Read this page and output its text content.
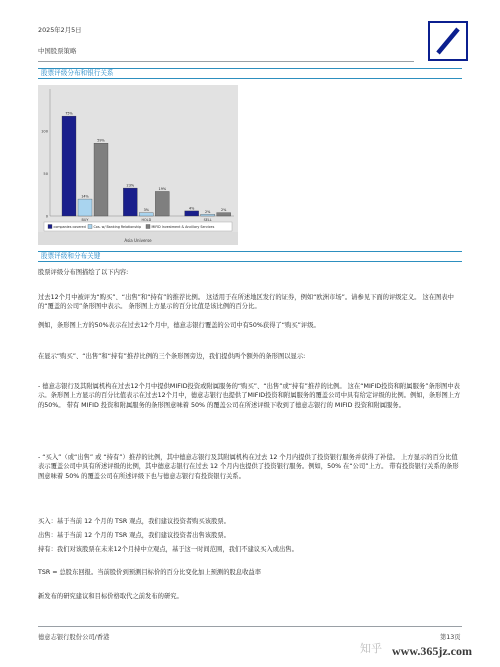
2025年2月5日
中国股票策略
股票评级分布和银行关系
0
50
100
75%
14%
59%
BUY
23%
3%
19%
HOLD
4%
2%	2%
SELL
companies covered Cos. w/ Banking Relationship	MIFID Investment & Ancillary Services
Asia Universe
股票评级和分布关键
股票评级分布图描绘了以下内容:
过去12个月中被评为“购买”、“出售”和“持有”的推荐比例。 这适用于在所述地区发行的证券，例如“欧洲市场”。请参见下面的评级定义。 这在图表中的“覆盖的公司”条形图中表示。 条形图上方显示的百分比值是该比例的百分比。
例如，条形图上方的50%表示在过去12个月中，德意志银行覆盖的公司中有50%获得了“购买”评级。
在显示“购买”、“出售”和“持有”推荐比例的三个条形图旁边，我们提供两个额外的条形图以显示:
- 德意志银行及其附属机构在过去12个月中提供MIFID投资或附属服务的“购买”、“出售”或“持有”推荐的比例。 这在“MIFID投资和附属服务”条形图中表示。条形图上方显示的百分比值表示在过去12个月中，德意志银行也提供了MIFID投资和附属服务的覆盖公司中具有给定评级的比例。例如，条形图上方的50%。 带有 MIFID 投资和附属服务的条形图意味着 50% 的覆盖公司在所述评级下收到了德意志银行的 MIFID 投资和附属服务。
- “买入”（或“出售” 或 “持有”）推荐的比例，其中德意志银行及其附属机构在过去 12 个月内提供了投资银行服务并获得了补偿。 上方显示的百分比值表示覆盖公司中具有所述评级的比例，其中德意志银行在过去 12 个月内也提供了投资银行服务。例如，50% 在“公司”上方。 带有投资银行关系的条形图意味着 50% 的覆盖公司在所述评级下也与德意志银行有投资银行关系。
买入：基于当前 12 个月的 TSR 观点，我们建议投资者购买该股票。
出售：基于当前 12 个月的 TSR 观点，我们建议投资者出售该股票。
持有：我们对该股票在未来12个月持中立观点，基于这一时间范围，我们不建议买入或出售。
TSR = 总股东回报。当前股价到预测目标价的百分比变化加上预测的股息收益率
新发布的研究建议和目标价格取代之前发布的研究。
德意志银行股份公司/香港	第13页
知乎 www.365jz.com
